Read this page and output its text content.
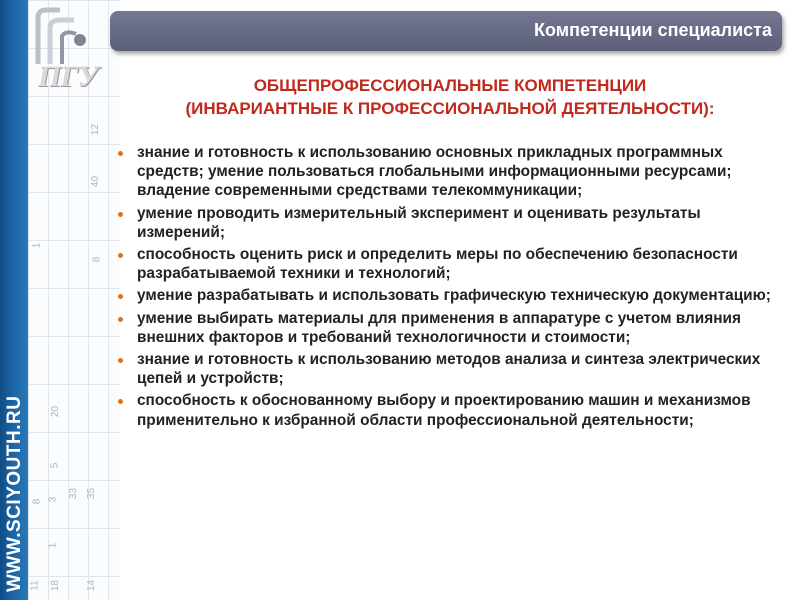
WWW.SCIYOUTH.RU
12
40
8
1
20
5
3
33 35
8
1
11 18	14
ПГУ
Компетенции специалиста
ОБЩЕПРОФЕССИОНАЛЬНЫЕ КОМПЕТЕНЦИИ
(ИНВАРИАНТНЫЕ К ПРОФЕССИОНАЛЬНОЙ ДЕЯТЕЛЬНОСТИ):
знание и готовность к использованию основных прикладных программных средств; умение пользоваться глобальными информационными ресурсами; владение современными средствами телекоммуникации;
умение проводить измерительный эксперимент и оценивать результаты измерений;
способность оценить риск и определить меры по обеспечению безопасности разрабатываемой техники и технологий;
умение разрабатывать и использовать графическую техническую документацию;
умение выбирать материалы для применения в аппаратуре с учетом влияния внешних факторов и требований технологичности и стоимости;
знание и готовность к использованию методов анализа и синтеза электрических цепей и устройств;
способность к обоснованному выбору и проектированию машин и механизмов применительно к избранной области профессиональной деятельности;
